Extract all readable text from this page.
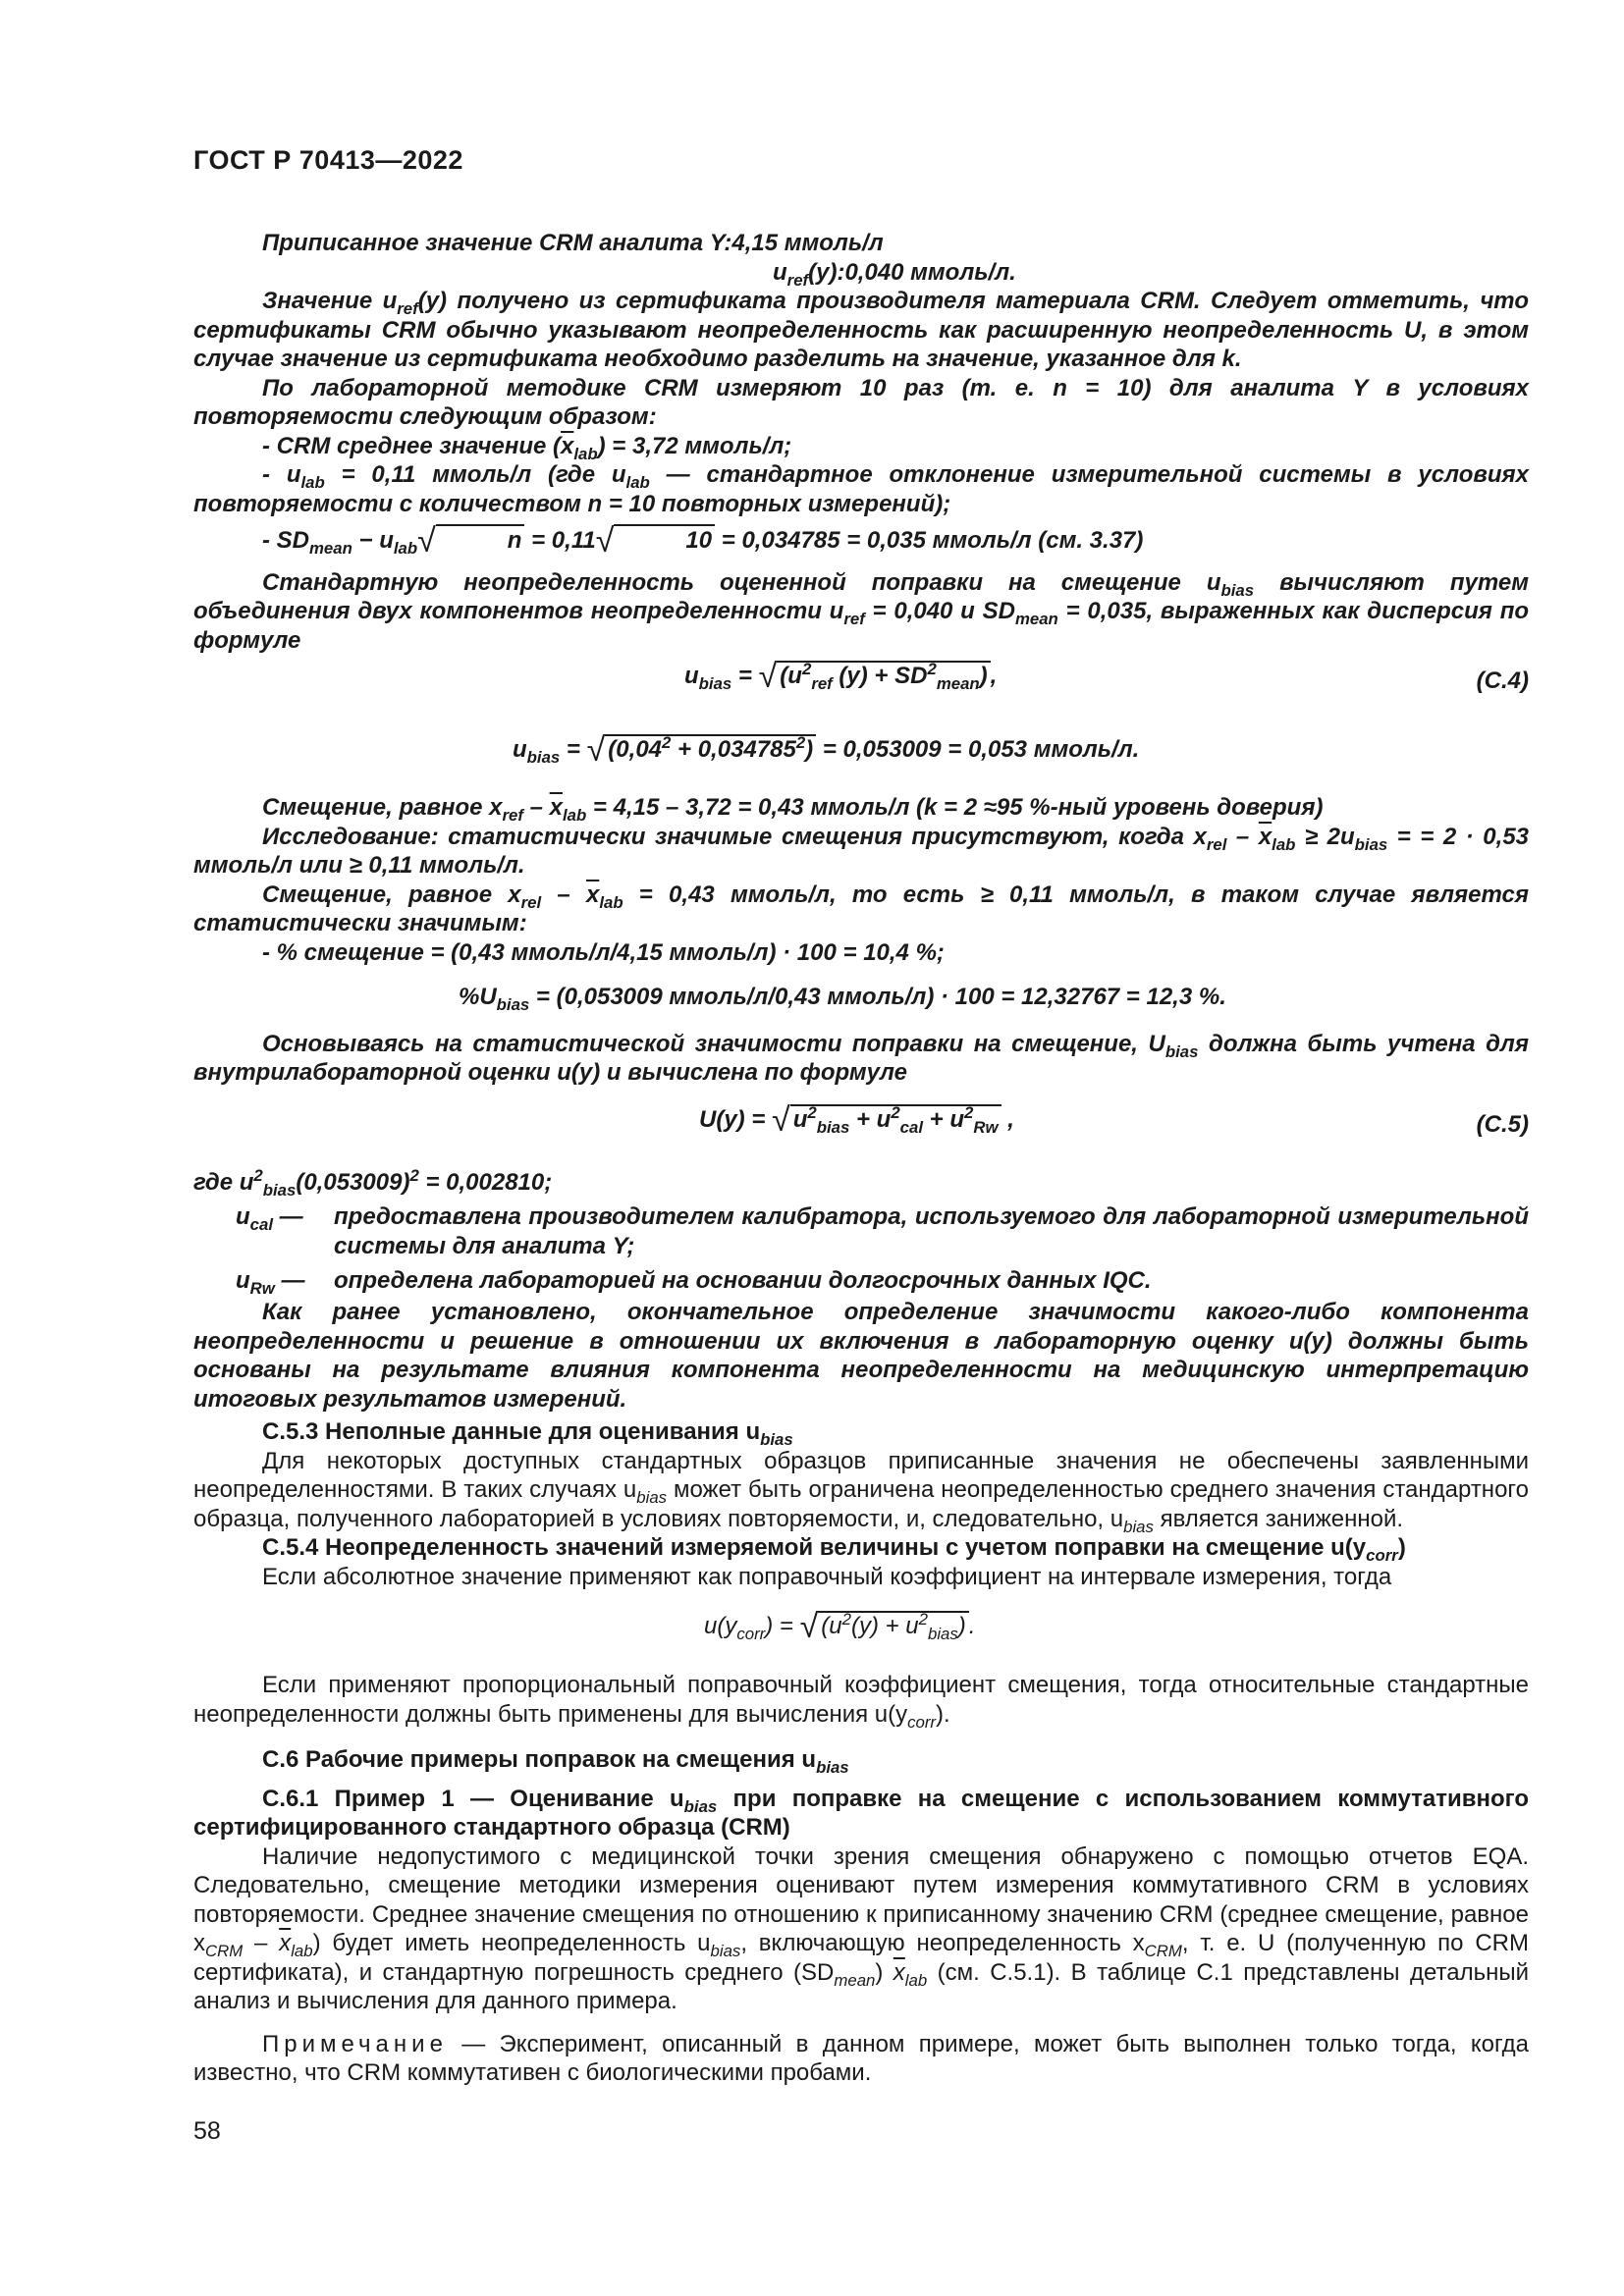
ГОСТ Р 70413—2022
Приписанное значение CRM аналита Y:4,15 ммоль/л
$u_{ref}(y):0,040$ ммоль/л.
Значение $u_{ref}(y)$ получено из сертификата производителя материала CRM. Следует отметить, что сертификаты CRM обычно указывают неопределенность как расширенную неопределенность U, в этом случае значение из сертификата необходимо разделить на значение, указанное для k.
По лабораторной методике CRM измеряют 10 раз (т. е. n = 10) для аналита Y в условиях повторяемости следующим образом:
- CRM среднее значение $(\overline{x}_{lab}) = 3,72$ ммоль/л;
- $u_{lab} = 0,11$ ммоль/л (где $u_{lab}$ — стандартное отклонение измерительной системы в условиях повторяемости с количеством n = 10 повторных измерений);
- $SD_{mean} - u_{lab}√$	n = 0,11√	10 = 0,034785 = 0,035 ммоль/л (см. 3.37)
Стандартную неопределенность оцененной поправки на смещение $u_{bias}$ вычисляют путем объединения двух компонентов неопределенности $u_{ref} = 0,040$ и $SD_{mean} = 0,035$, выраженных как дисперсия по формуле
$u_{bias}$ = √ ($u^2_{ref}$ $(y) + SD^2_{mean}$) ,	(C.4)
$u_{bias}$ = √ $(0,04^2 + 0,034785^2) = 0,053009 = 0,053$ ммоль/л.
Смещение, равное $x_{ref} - \overline{x}_{lab} = 4,15 - 3,72 = 0,43$ ммоль/л (k = 2 ≈95 %-ный уровень доверия)
Исследование: статистически значимые смещения присутствуют, когда $x_{rel} - \overline{x}_{lab} \ge 2u_{bias}$ = = 2 · 0,53 ммоль/л или ≥ 0,11 ммоль/л.
Смещение, равное $x_{rel} - \overline{x}_{lab} = 0,43$ ммоль/л, то есть ≥ 0,11 ммоль/л, в таком случае является статистически значимым:
- % смещение = (0,43 ммоль/л/4,15 ммоль/л) · 100 = 10,4 %;
$\%U_{bias} = (0,053009$ ммоль/л/0,43 ммоль/л) · 100 = 12,32767 = 12,3 %.
Основываясь на статистической значимости поправки на смещение, $U_{bias}$ должна быть учтена для внутрилабораторной оценки u(y) и вычислена по формуле
U(y) = √ $u^2_{bias} + u^2_{cal} + u^2_{Rw}$ ,	(C.5)
где $u^2_{bias}(0,053009)^2 = 0,002810$;
$u_{cal}$ — предоставлена производителем калибратора, используемого для лабораторной измерительной системы для аналита Y;
$u_{Rw}$ — определена лабораторией на основании долгосрочных данных IQC.
Как ранее установлено, окончательное определение значимости какого-либо компонента неопределенности и решение в отношении их включения в лабораторную оценку u(y) должны быть основаны на результате влияния компонента неопределенности на медицинскую интерпретацию итоговых результатов измерений.
С.5.3 Неполные данные для оценивания $u_{bias}$
Для некоторых доступных стандартных образцов приписанные значения не обеспечены заявленными неопределенностями. В таких случаях $u_{bias}$ может быть ограничена неопределенностью среднего значения стандартного образца, полученного лабораторией в условиях повторяемости, и, следовательно, $u_{bias}$ является заниженной.
С.5.4 Неопределенность значений измеряемой величины с учетом поправки на смещение $u(y_{corr})$
Если абсолютное значение применяют как поправочный коэффициент на интервале измерения, тогда
$u(y_{corr})$ = √ $(u^2(y) + u^2_{bias})$ .
Если применяют пропорциональный поправочный коэффициент смещения, тогда относительные стандартные неопределенности должны быть применены для вычисления $u(y_{corr})$.
С.6 Рабочие примеры поправок на смещения $u_{bias}$
С.6.1 Пример 1 — Оценивание $u_{bias}$ при поправке на смещение с использованием коммутативного сертифицированного стандартного образца (CRM)
Наличие недопустимого с медицинской точки зрения смещения обнаружено с помощью отчетов EQA. Следовательно, смещение методики измерения оценивают путем измерения коммутативного CRM в условиях повторяемости. Среднее значение смещения по отношению к приписанному значению CRM (среднее смещение, равное $x_{CRM} - \overline{x}_{lab}$) будет иметь неопределенность $u_{bias}$, включающую неопределенность $x_{CRM}$, т. е. U (полученную по CRM сертификата), и стандартную погрешность среднего $(SD_{mean})$ $\overline{x}_{lab}$ (см. С.5.1). В таблице С.1 представлены детальный анализ и вычисления для данного примера.
Примечание — Эксперимент, описанный в данном примере, может быть выполнен только тогда, когда известно, что CRM коммутативен с биологическими пробами.
58
